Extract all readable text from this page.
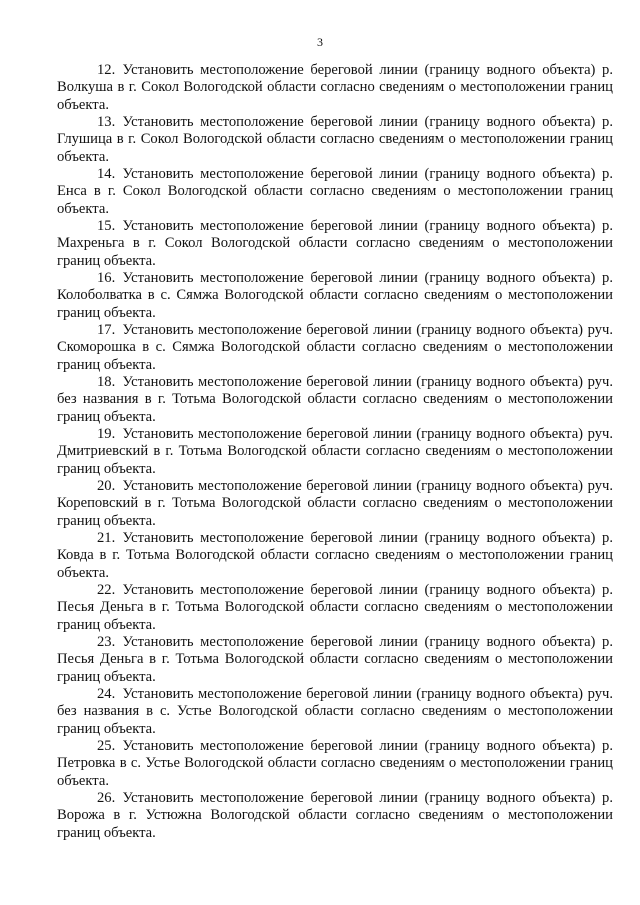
3

12. Установить местоположение береговой линии (границу водного объекта) р. Волкуша в г. Сокол Вологодской области согласно сведениям о местоположении границ объекта.

13. Установить местоположение береговой линии (границу водного объекта) р. Глушица в г. Сокол Вологодской области согласно сведениям о местоположении границ объекта.

14. Установить местоположение береговой линии (границу водного объекта) р. Енса в г. Сокол Вологодской области согласно сведениям о местоположении границ объекта.

15. Установить местоположение береговой линии (границу водного объекта) р. Махреньга в г. Сокол Вологодской области согласно сведениям о местоположении границ объекта.

16. Установить местоположение береговой линии (границу водного объекта) р. Колоболватка в с. Сямжа Вологодской области согласно сведениям о местоположении границ объекта.

17. Установить местоположение береговой линии (границу водного объекта) руч. Скоморошка в с. Сямжа Вологодской области согласно сведениям о местоположении границ объекта.

18. Установить местоположение береговой линии (границу водного объекта) руч. без названия в г. Тотьма Вологодской области согласно сведениям о местоположении границ объекта.

19. Установить местоположение береговой линии (границу водного объекта) руч. Дмитриевский в г. Тотьма Вологодской области согласно сведениям о местоположении границ объекта.

20. Установить местоположение береговой линии (границу водного объекта) руч. Кореповский в г. Тотьма Вологодской области согласно сведениям о местоположении границ объекта.

21. Установить местоположение береговой линии (границу водного объекта) р. Ковда в г. Тотьма Вологодской области согласно сведениям о местоположении границ объекта.

22. Установить местоположение береговой линии (границу водного объекта) р. Песья Деньга в г. Тотьма Вологодской области согласно сведениям о местоположении границ объекта.

23. Установить местоположение береговой линии (границу водного объекта) р. Песья Деньга в г. Тотьма Вологодской области согласно сведениям о местоположении границ объекта.

24. Установить местоположение береговой линии (границу водного объекта) руч. без названия в с. Устье Вологодской области согласно сведениям о местоположении границ объекта.

25. Установить местоположение береговой линии (границу водного объекта) р. Петровка в с. Устье Вологодской области согласно сведениям о местоположении границ объекта.

26. Установить местоположение береговой линии (границу водного объекта) р. Ворожа в г. Устюжна Вологодской области согласно сведениям о местоположении границ объекта.
